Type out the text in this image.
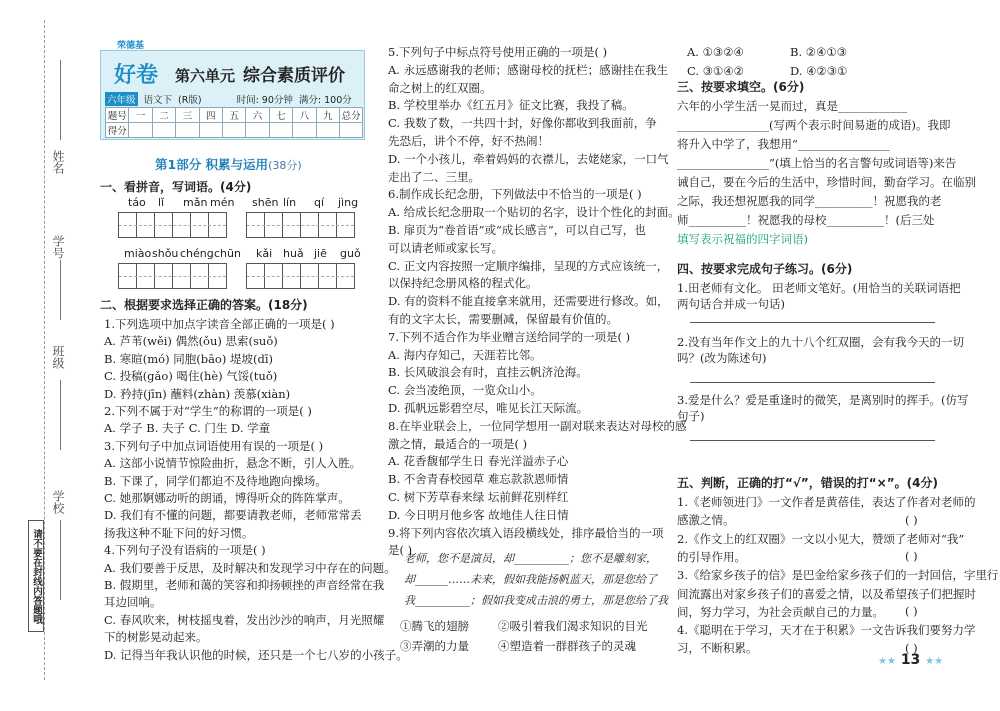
姓名
学号
班级
学校
请不要在封线内答题哦
荣德基
好卷	第六单元 综合素质评价
六年级 语文下 (R版)	时间: 90分钟 满分: 100分
题号	一	二	三	四	五	六	七	八	九	总分
得分										
第1部分 积累与运用(38分)
一、看拼音，写词语。(4分)
二、根据要求选择正确的答案。(18分)
三、按要求填空。(6分)
四、按要求完成句子练习。(6分)
五、判断，正确的打“√”，错误的打“×”。(4分)
★★ 13 ★★
táo lǐ mǎn mén shēn lín qí jìng
miào shǒu chéng chūn kǎi huǎ jiē guǒ
1.下列选项中加点字读音全部正确的一项是( )
A. 芦苇(wěi) 偶然(ǒu) 思索(suǒ)
B. 寒暄(mó) 同胞(bāo) 堤坡(dī)
C. 投稿(gǎo) 喝住(hè) 气馁(tuǒ)
D. 矜持(jīn) 蘸料(zhàn) 羡慕(xiàn)
2.下列不属于对“学生”的称谓的一项是( )
A. 学子 B. 夫子 C. 门生 D. 学童
3.下列句子中加点词语使用有误的一项是( )
A. 这部小说情节惊险曲折，悬念不断，引人入胜。
B. 下课了，同学们都迫不及待地跑向操场。
C. 她那婀娜动听的朗诵，博得听众的阵阵掌声。
D. 我们有不懂的问题，都要请教老师，老师常常丢
扬我这种不耻下问的好习惯。
4.下列句子没有语病的一项是( )
A. 我们要善于反思，及时解决和发现学习中存在的问题。
B. 假期里，老师和蔼的笑容和抑扬顿挫的声音经常在我
耳边回响。
C. 春风吹来，树枝摇曳着，发出沙沙的响声，月光照耀
下的树影晃动起来。
D. 记得当年我认识他的时候，还只是一个七八岁的小孩子。
5.下列句子中标点符号使用正确的一项是( )
A. 永远感谢我的老师；感谢母校的抚栏；感谢挂在我生
命之树上的红双圈。
B. 学校里举办《红五月》征文比赛，我投了稿。
C. 我数了数，一共四十封，好像你都收到我面前，争
先恐后，讲个不停，好不热闹！
D. 一个小孩儿，牵着妈妈的衣襟儿，去姥姥家，一口气
走出了二、三里。
6.制作成长纪念册，下列做法中不恰当的一项是( )
A. 给成长纪念册取一个贴切的名字，设计个性化的封面。
B. 扉页为“卷首语”或“成长感言”，可以自己写，也
可以请老师或家长写。
C. 正文内容按照一定顺序编排，呈现的方式应该统一，
以保持纪念册风格的程式化。
D. 有的资料不能直接拿来就用，还需要进行修改。如，
有的文字太长，需要删减，保留最有价值的。
7.下列不适合作为毕业赠言送给同学的一项是( )
A. 海内存知己，天涯若比邻。
B. 长风破浪会有时，直挂云帆济沧海。
C. 会当凌绝顶，一览众山小。
D. 孤帆远影碧空尽，唯见长江天际流。
8.在毕业联会上，一位同学想用一副对联来表达对母校的感
激之情，最适合的一项是( )
A. 花香馥郁学生日 春光洋溢赤子心
B. 不舍青春校园草 难忘款款恩师情
C. 树下芳草春来绿 坛前鲜花别样红
D. 今日明月他乡客 故地佳人往日情
9.将下列内容依次填入语段横线处，排序最恰当的一项
是( )
老师，您不是演员，却__________；您不是雕刻家，
却______……未来，假如我能扬帆蓝天，那是您给了
我__________；假如我变成击浪的勇士，那是您给了我
①腾飞的翅膀	②吸引着我们渴求知识的目光
③弄潮的力量	④塑造着一群群孩子的灵魂
A. ①③②④	B. ②④①③
C. ③①④②	D. ④②③①
六年的小学生活一晃而过，真是____________
________________(写两个表示时间易逝的成语)。我即
将升入中学了，我想用“________________
________________”(填上恰当的名言警句或词语等)来告
诫自己，要在今后的生活中，珍惜时间，勤奋学习。在临别
之际，我还想祝愿我的同学__________！祝愿我的老
师__________！祝愿我的母校__________！(后三处
填写表示祝福的四字词语)
1.田老师有文化。 田老师文笔好。(用恰当的关联词语把
两句话合并成一句话)
2.没有当年作文上的九十八个红双圈，会有我今天的一切
吗？(改为陈述句)
3.爱是什么？爱是重逢时的微笑，是离别时的挥手。(仿写
句子)
1.《老师领进门》一文作者是黄蓓佳，表达了作者对老师的
感激之情。
2.《作文上的红双圈》一文以小见大，赞颂了老师对“我”
的引导作用。
3.《给家乡孩子的信》是巴金给家乡孩子们的一封回信，字里行
间流露出对家乡孩子们的喜爱之情，以及希望孩子们把握时
间，努力学习，为社会贡献自己的力量。
4.《聪明在于学习，天才在于积累》一文告诉我们要努力学
习，不断积累。
( )
( )
( )
( )
